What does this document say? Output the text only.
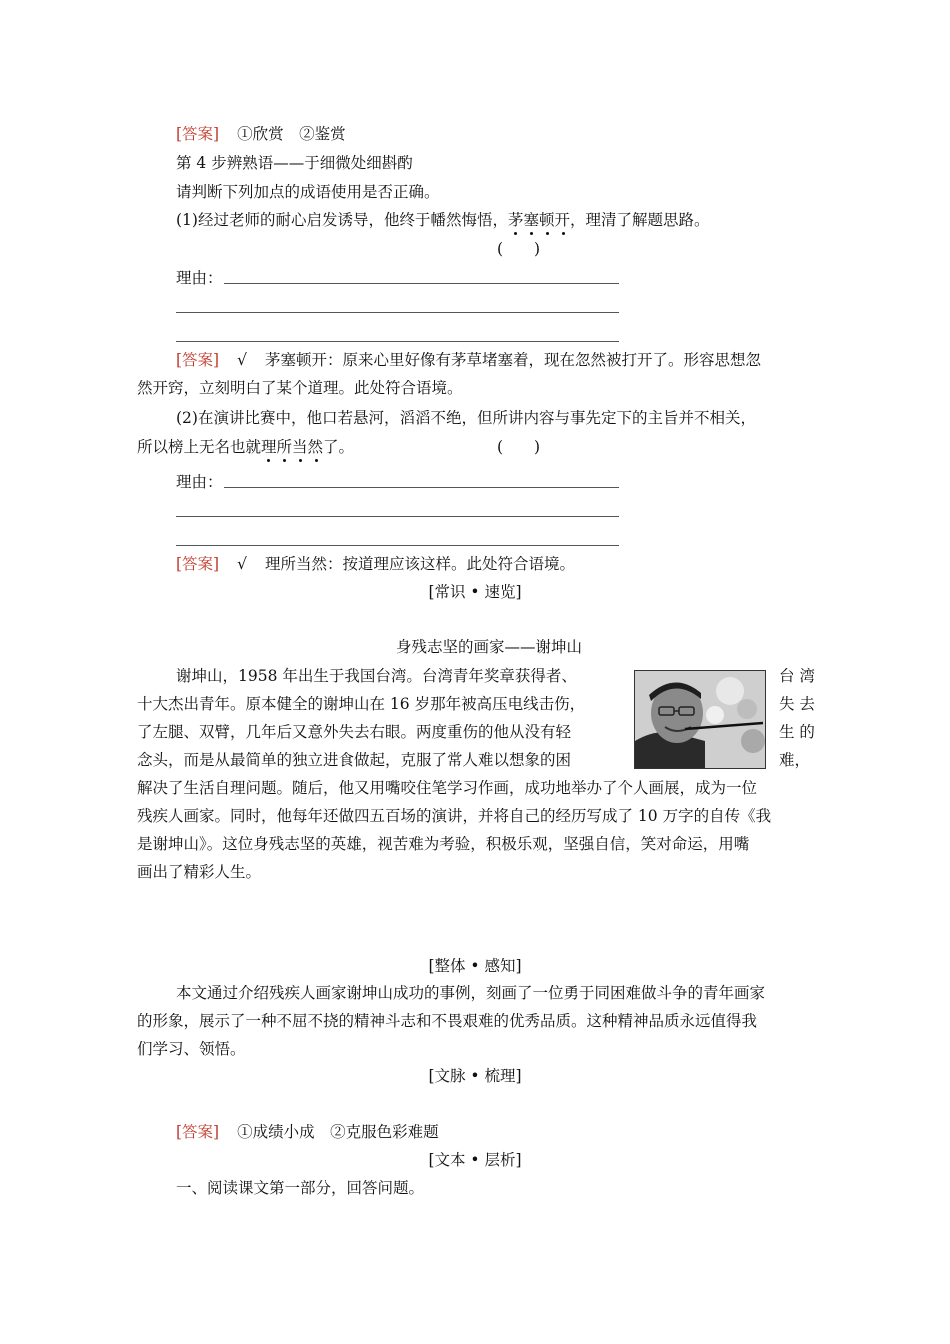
[答案] ①欣赏　②鉴赏
第 4 步辨熟语——于细微处细斟酌
请判断下列加点的成语使用是否正确。
(1)经过老师的耐心启发诱导，他终于幡然悔悟，茅塞顿开
，理清了解题思路。
(　　)
理由：
[答案] √ 茅塞顿开：原来心里好像有茅草堵塞着，现在忽然被打开了。形容思想忽
然开窍，立刻明白了某个道理。此处符合语境。
(2)在演讲比赛中，他口若悬河，滔滔不绝，但所讲内容与事先定下的主旨并不相关，
所以榜上无名也就理所当然
了。	(　　)
理由：
[答案] √ 理所当然：按道理应该这样。此处符合语境。
[常识 • 速览]
身残志坚的画家——谢坤山
谢坤山，1958 年出生于我国台湾。台湾青年奖章获得者、	台 湾
十大杰出青年。原本健全的谢坤山在 16 岁那年被高压电线击伤，	失 去
了左腿、双臂，几年后又意外失去右眼。两度重伤的他从没有轻	生 的
念头，而是从最简单的独立进食做起，克服了常人难以想象的困	难，
解决了生活自理问题。随后，他又用嘴咬住笔学习作画，成功地举办了个人画展，成为一位
残疾人画家。同时，他每年还做四五百场的演讲，并将自己的经历写成了 10 万字的自传《我
是谢坤山》。这位身残志坚的英雄，视苦难为考验，积极乐观，坚强自信，笑对命运，用嘴
画出了精彩人生。
[整体 • 感知]
本文通过介绍残疾人画家谢坤山成功的事例，刻画了一位勇于同困难做斗争的青年画家
的形象，展示了一种不屈不挠的精神斗志和不畏艰难的优秀品质。这种精神品质永远值得我
们学习、领悟。
[文脉 • 梳理]
[答案] ①成绩小成　②克服色彩难题
[文本 • 层析]
一、阅读课文第一部分，回答问题。
